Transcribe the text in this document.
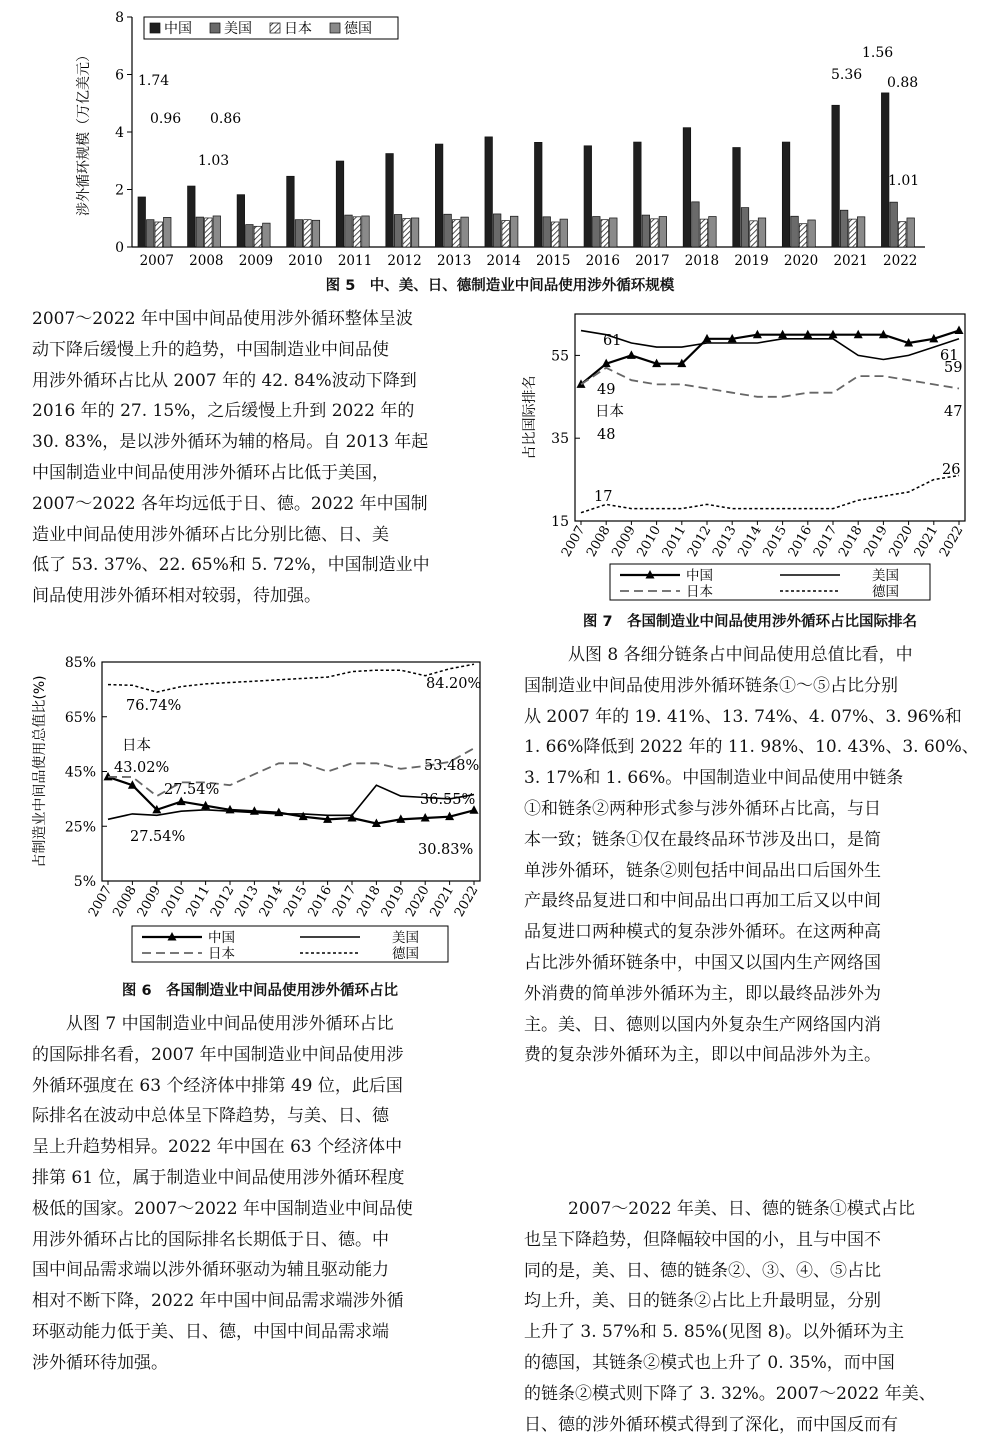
0
2
4
6
8
涉外循环规模（万亿美元）
2007 2008 2009 2010 2011 2012 2013 2014 2015 2016 2017 2018 2019 2020 2021 2022
中国 美国 日本 德国
1.74
0.96 0.86
1.03
5.36
1.56
0.88
1.01
图 5　中、美、日、德制造业中间品使用涉外循环规模
2007～2022 年中国中间品使用涉外循环整体呈波
动下降后缓慢上升的趋势，中国制造业中间品使
用涉外循环占比从 2007 年的 42. 84%波动下降到
2016 年的 27. 15%，之后缓慢上升到 2022 年的
30. 83%，是以涉外循环为辅的格局。自 2013 年起
中国制造业中间品使用涉外循环占比低于美国，
2007～2022 各年均远低于日、德。2022 年中国制
造业中间品使用涉外循环占比分别比德、日、美
低了 53. 37%、22. 65%和 5. 72%，中国制造业中
间品使用涉外循环相对较弱，待加强。
15
35
55
占比国际排名
2007
2008
2009
2010
2011
2012
2013
2014
2015
2016
2017
2018
2019
2020
2021
2022
中国	美国
日本	德国
61
49
日本
48
17
61
59
47
26
图 7　各国制造业中间品使用涉外循环占比国际排名
5%
25%
45%
65%
85%
占制造业中间品使用总值比(%)
2007
2008
2009
2010
2011
2012
2013
2014
2015
2016
2017
2018
2019
2020
2021
2022
中国	美国
日本	德国
84.20%
76.74%
日本
43.02%
27.54%
53.48%
36.55%
27.54%
30.83%
图 6　各国制造业中间品使用涉外循环占比
从图 7 中国制造业中间品使用涉外循环占比
的国际排名看，2007 年中国制造业中间品使用涉
外循环强度在 63 个经济体中排第 49 位，此后国
际排名在波动中总体呈下降趋势，与美、日、德
呈上升趋势相异。2022 年中国在 63 个经济体中
排第 61 位，属于制造业中间品使用涉外循环程度
极低的国家。2007～2022 年中国制造业中间品使
用涉外循环占比的国际排名长期低于日、德。中
国中间品需求端以涉外循环驱动为辅且驱动能力
相对不断下降，2022 年中国中间品需求端涉外循
环驱动能力低于美、日、德，中国中间品需求端
涉外循环待加强。
从图 8 各细分链条占中间品使用总值比看，中
国制造业中间品使用涉外循环链条①～⑤占比分别
从 2007 年的 19. 41%、13. 74%、4. 07%、3. 96%和
1. 66%降低到 2022 年的 11. 98%、10. 43%、3. 60%、
3. 17%和 1. 66%。中国制造业中间品使用中链条
①和链条②两种形式参与涉外循环占比高，与日
本一致；链条①仅在最终品环节涉及出口，是简
单涉外循环，链条②则包括中间品出口后国外生
产最终品复进口和中间品出口再加工后又以中间
品复进口两种模式的复杂涉外循环。在这两种高
占比涉外循环链条中，中国又以国内生产网络国
外消费的简单涉外循环为主，即以最终品涉外为
主。美、日、德则以国内外复杂生产网络国内消
费的复杂涉外循环为主，即以中间品涉外为主。
2007～2022 年美、日、德的链条①模式占比
也呈下降趋势，但降幅较中国的小，且与中国不
同的是，美、日、德的链条②、③、④、⑤占比
均上升，美、日的链条②占比上升最明显，分别
上升了 3. 57%和 5. 85%(见图 8)。以外循环为主
的德国，其链条②模式也上升了 0. 35%，而中国
的链条②模式则下降了 3. 32%。2007～2022 年美、
日、德的涉外循环模式得到了深化，而中国反而有
